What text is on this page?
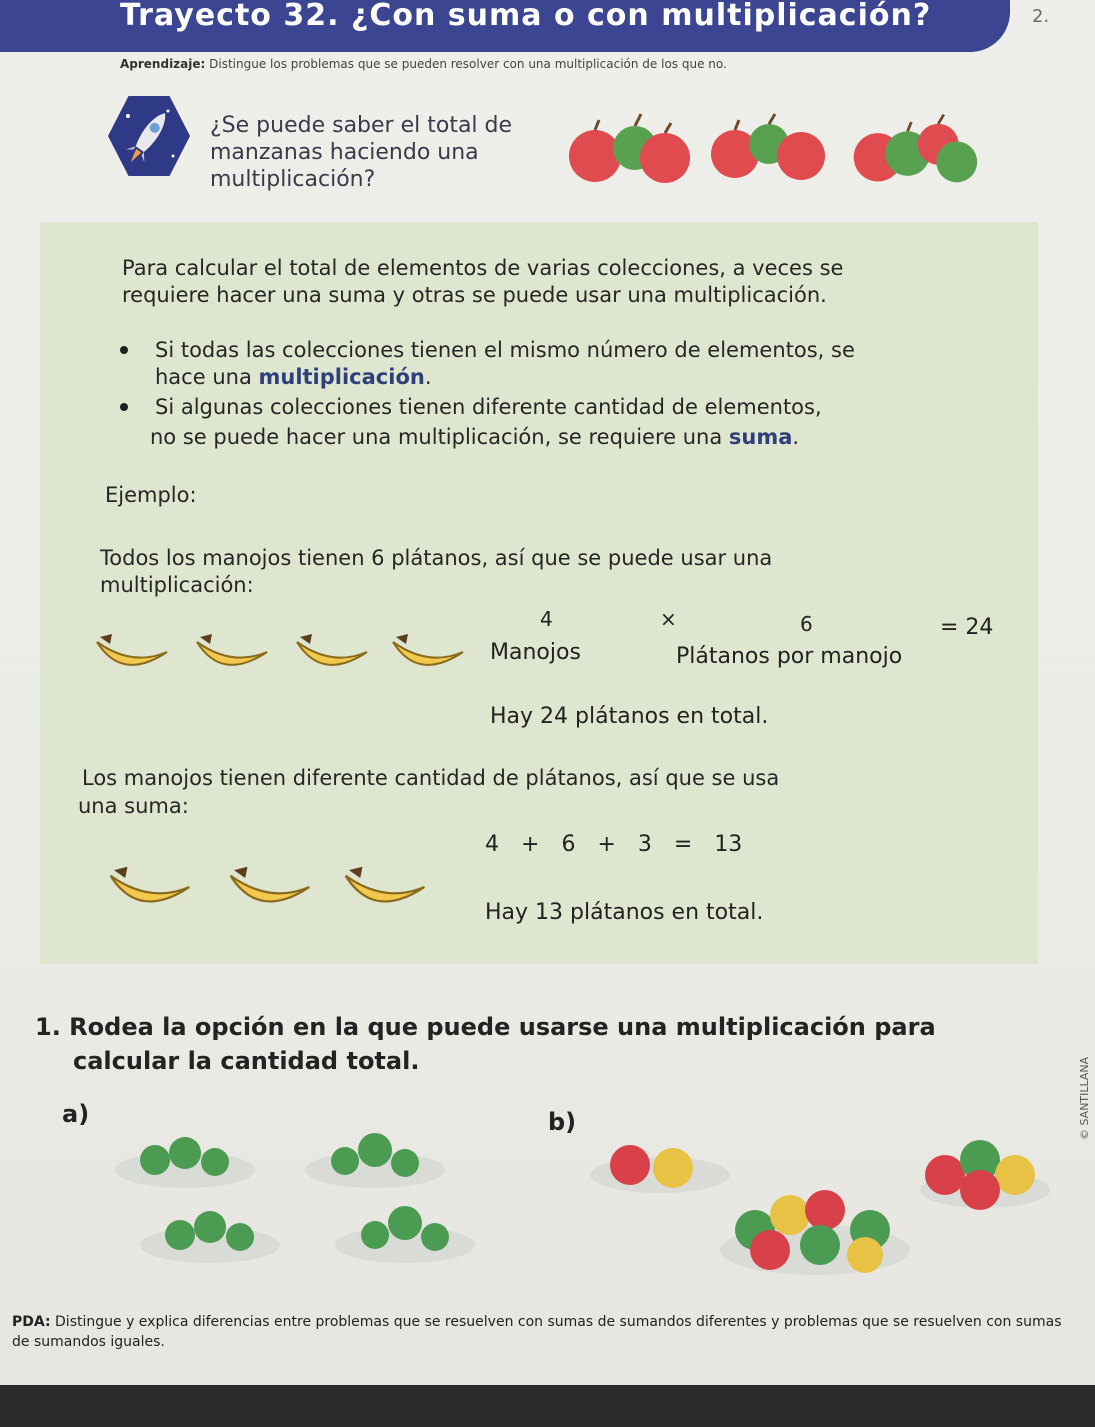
Trayecto 32. ¿Con suma o con multiplicación?	2.
Aprendizaje: Distingue los problemas que se pueden resolver con una multiplicación de los que no.
¿Se puede saber el total de
manzanas haciendo una
multiplicación?
Para calcular el total de elementos de varias colecciones, a veces se
requiere hacer una suma y otras se puede usar una multiplicación.
Si todas las colecciones tienen el mismo número de elementos, se
hace una multiplicación.
Si algunas colecciones tienen diferente cantidad de elementos,
no se puede hacer una multiplicación, se requiere una suma.
Ejemplo:
Todos los manojos tienen 6 plátanos, así que se puede usar una
multiplicación:
4	×	6	= 24
Manojos	Plátanos por manojo
Hay 24 plátanos en total.
Los manojos tienen diferente cantidad de plátanos, así que se usa
una suma:
4 + 6 + 3 = 13
Hay 13 plátanos en total.
1. Rodea la opción en la que puede usarse una multiplicación para
calcular la cantidad total.
a)	b)	© SANTILLANA
PDA: Distingue y explica diferencias entre problemas que se resuelven con sumas de sumandos diferentes y problemas que se resuelven con sumas de sumandos iguales.
